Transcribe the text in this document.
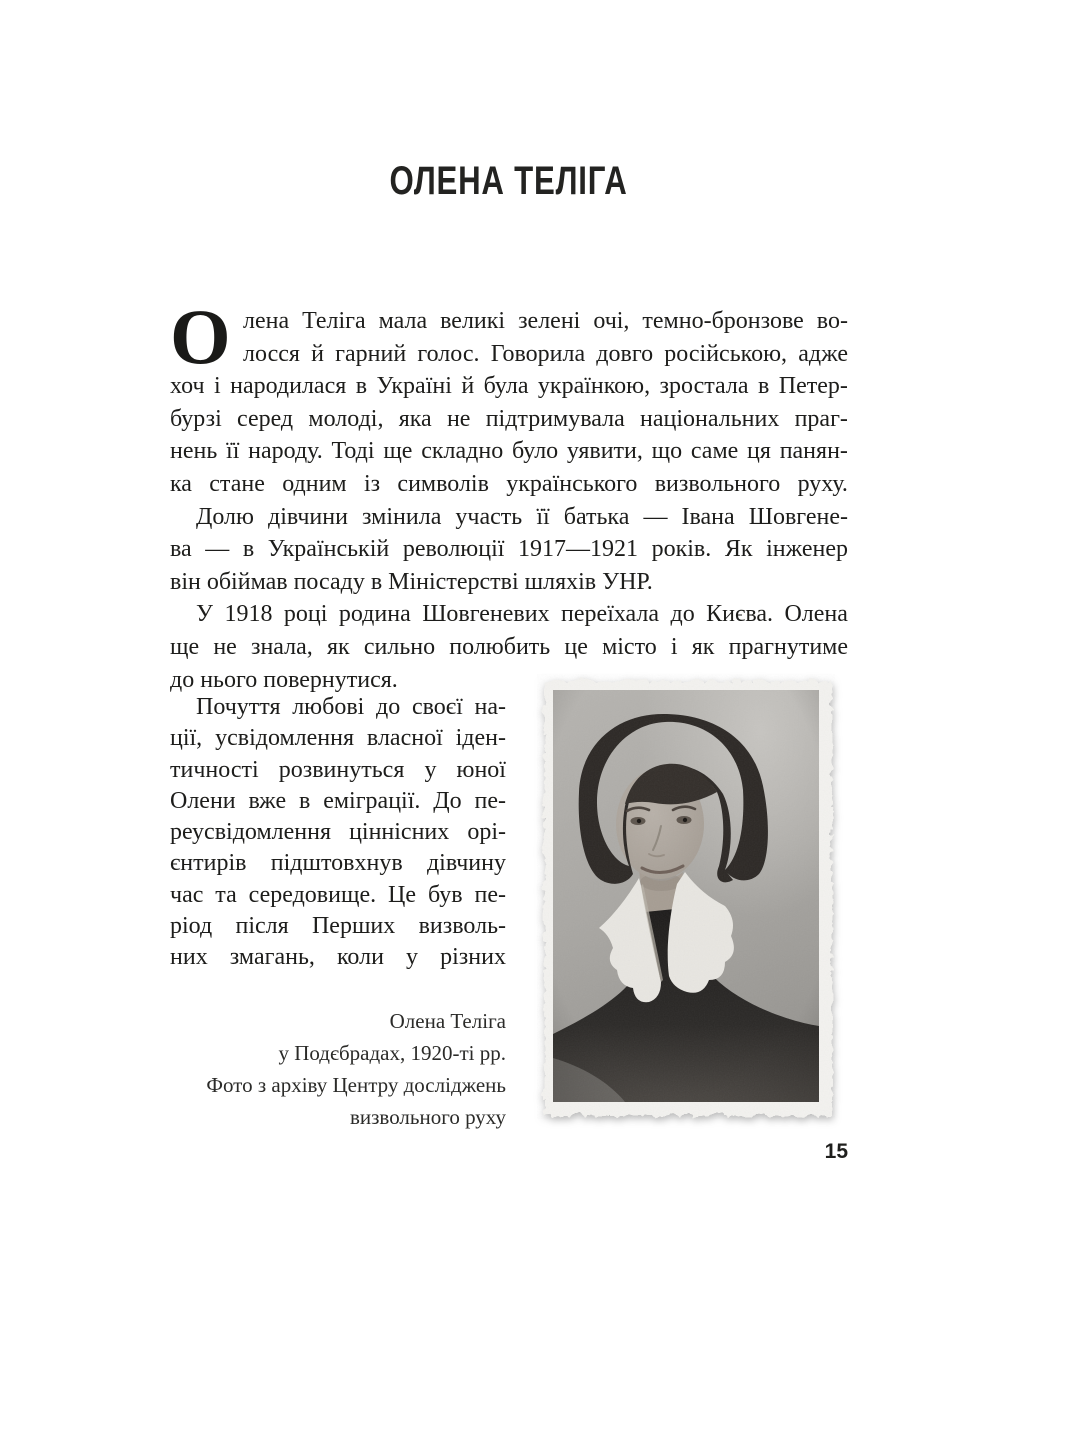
ОЛЕНА ТЕЛІГА
О лена Теліга мала великі зелені очі, темно-бронзове во-
лосся й гарний голос. Говорила довго російською, адже
хоч і народилася в Україні й була українкою, зростала в Петер-
бурзі серед молоді, яка не підтримувала національних праг-
нень її народу. Тоді ще складно було уявити, що саме ця панян-
ка стане одним із символів українського визвольного руху.
Долю дівчини змінила участь її батька — Івана Шовгене-
ва — в Українській революції 1917—1921 років. Як інженер
він обіймав посаду в Міністерстві шляхів УНР.
У 1918 році родина Шовгеневих переїхала до Києва. Олена
ще не знала, як сильно полюбить це місто і як прагнутиме
до нього повернутися.
Почуття любові до своєї на-
ції, усвідомлення власної іден-
тичності розвинуться у юної
Олени вже в еміграції. До пе-
реусвідомлення ціннісних орі-
єнтирів підштовхнув дівчину
час та середовище. Це був пе-
ріод після Перших визволь-
них змагань, коли у різних
Олена Теліга
у Подєбрадах, 1920-ті рр.
Фото з архіву Центру досліджень
визвольного руху
15
